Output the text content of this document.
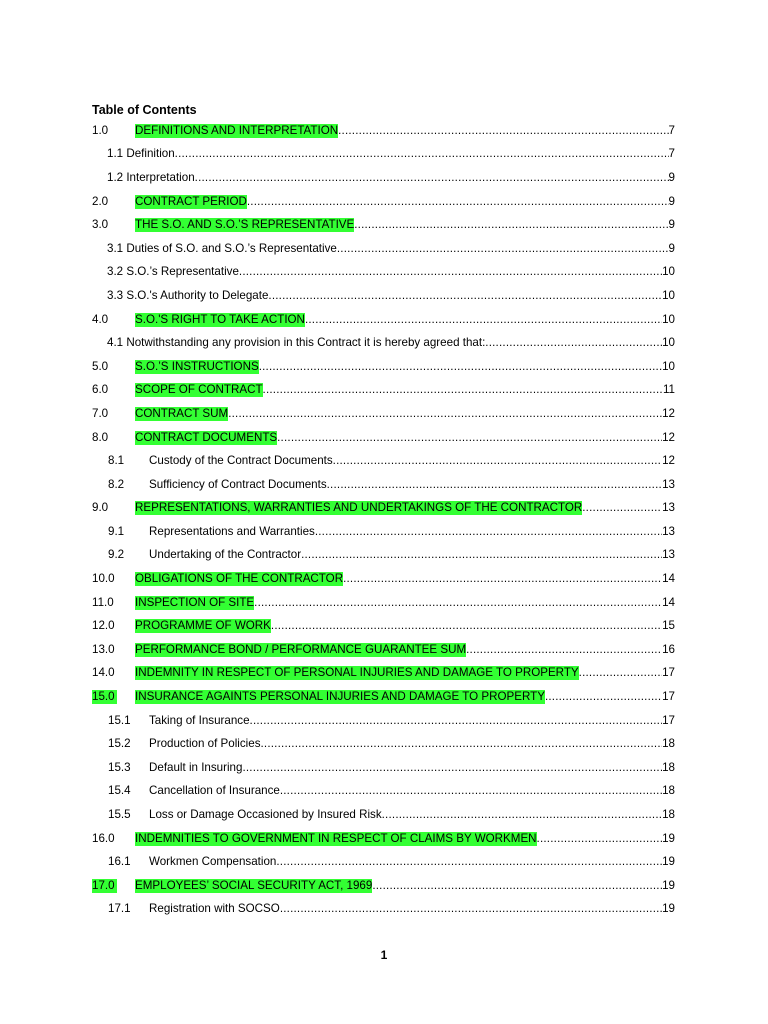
Table of Contents
1.0 DEFINITIONS AND INTERPRETATION .....	7
1.1 Definition .....	7
1.2 Interpretation .....	9
2.0 CONTRACT PERIOD .....	9
3.0 THE S.O. AND S.O.’S REPRESENTATIVE .....	9
3.1 Duties of S.O. and S.O.’s Representative .....	9
3.2 S.O.’s Representative .....	10
3.3 S.O.'s Authority to Delegate .....	10
4.0 S.O.'S RIGHT TO TAKE ACTION .....	10
4.1 Notwithstanding any provision in this Contract it is hereby agreed that: .....	10
5.0 S.O.’S INSTRUCTIONS .....	10
6.0 SCOPE OF CONTRACT .....	11
7.0 CONTRACT SUM .....	12
8.0 CONTRACT DOCUMENTS .....	12
8.1 Custody of the Contract Documents .....	12
8.2 Sufficiency of Contract Documents .....	13
9.0 REPRESENTATIONS, WARRANTIES AND UNDERTAKINGS OF THE CONTRACTOR .....	13
9.1 Representations and Warranties .....	13
9.2 Undertaking of the Contractor .....	13
10.0 OBLIGATIONS OF THE CONTRACTOR .....	14
11.0 INSPECTION OF SITE .....	14
12.0 PROGRAMME OF WORK .....	15
13.0 PERFORMANCE BOND / PERFORMANCE GUARANTEE SUM .....	16
14.0 INDEMNITY IN RESPECT OF PERSONAL INJURIES AND DAMAGE TO PROPERTY .....	17
15.0 INSURANCE AGAINTS PERSONAL INJURIES AND DAMAGE TO PROPERTY .....	17
15.1 Taking of Insurance .....	17
15.2 Production of Policies .....	18
15.3 Default in Insuring .....	18
15.4 Cancellation of Insurance .....	18
15.5 Loss or Damage Occasioned by Insured Risk .....	18
16.0 INDEMNITIES TO GOVERNMENT IN RESPECT OF CLAIMS BY WORKMEN .....	19
16.1 Workmen Compensation .....	19
17.0 EMPLOYEES’ SOCIAL SECURITY ACT, 1969 .....	19
17.1 Registration with SOCSO .....	19
1
